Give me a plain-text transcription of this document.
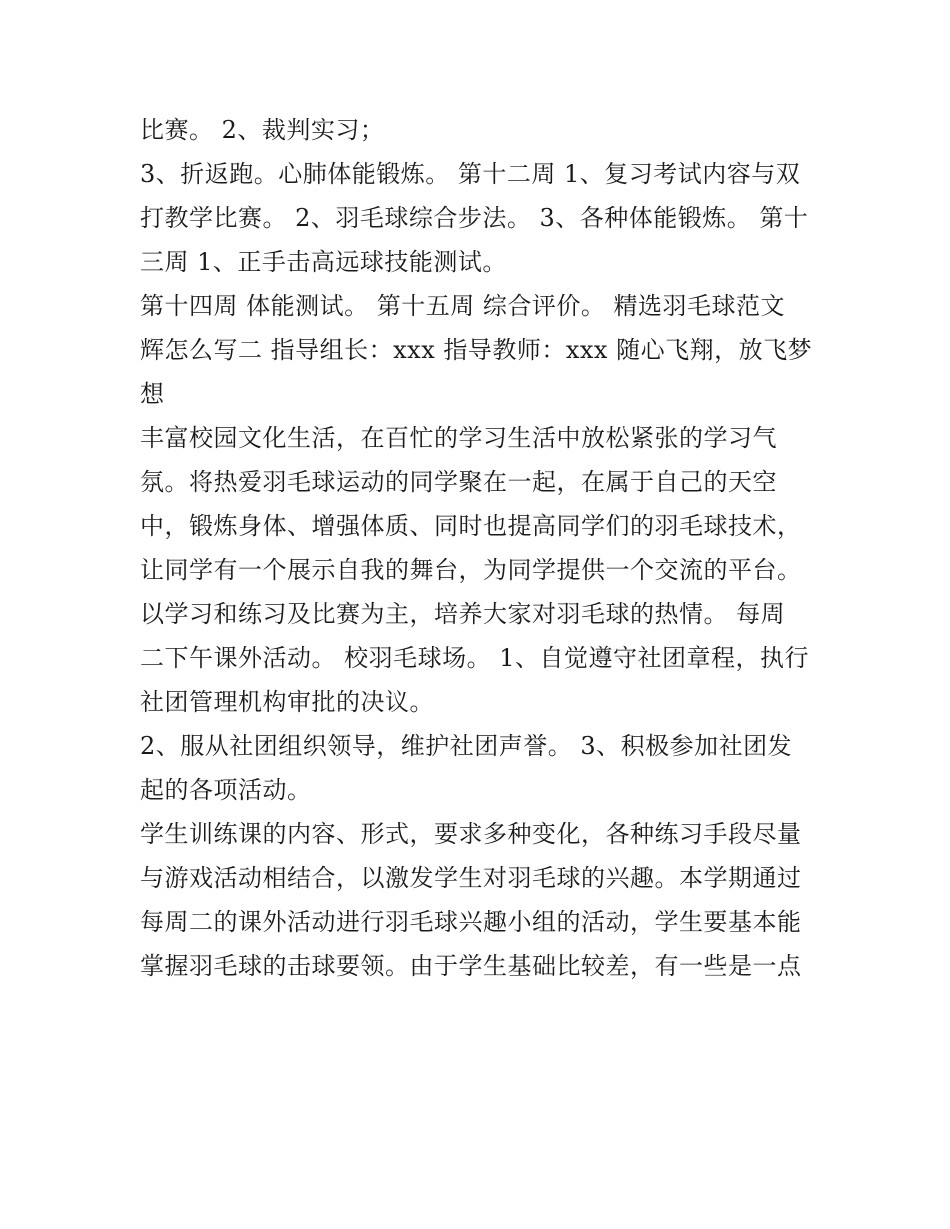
比赛。 2、裁判实习；
3、折返跑。心肺体能锻炼。 第十二周 1、复习考试内容与双
打教学比赛。 2、羽毛球综合步法。 3、各种体能锻炼。 第十
三周 1、正手击高远球技能测试。
第十四周 体能测试。 第十五周 综合评价。 精选羽毛球范文
辉怎么写二 指导组长：xxx 指导教师：xxx 随心飞翔，放飞梦
想
丰富校园文化生活，在百忙的学习生活中放松紧张的学习气
氛。将热爱羽毛球运动的同学聚在一起，在属于自己的天空
中，锻炼身体、增强体质、同时也提高同学们的羽毛球技术，
让同学有一个展示自我的舞台，为同学提供一个交流的平台。
以学习和练习及比赛为主，培养大家对羽毛球的热情。 每周
二下午课外活动。 校羽毛球场。 1、自觉遵守社团章程，执行
社团管理机构审批的决议。
2、服从社团组织领导，维护社团声誉。 3、积极参加社团发
起的各项活动。
学生训练课的内容、形式，要求多种变化，各种练习手段尽量
与游戏活动相结合，以激发学生对羽毛球的兴趣。本学期通过
每周二的课外活动进行羽毛球兴趣小组的活动，学生要基本能
掌握羽毛球的击球要领。由于学生基础比较差，有一些是一点
